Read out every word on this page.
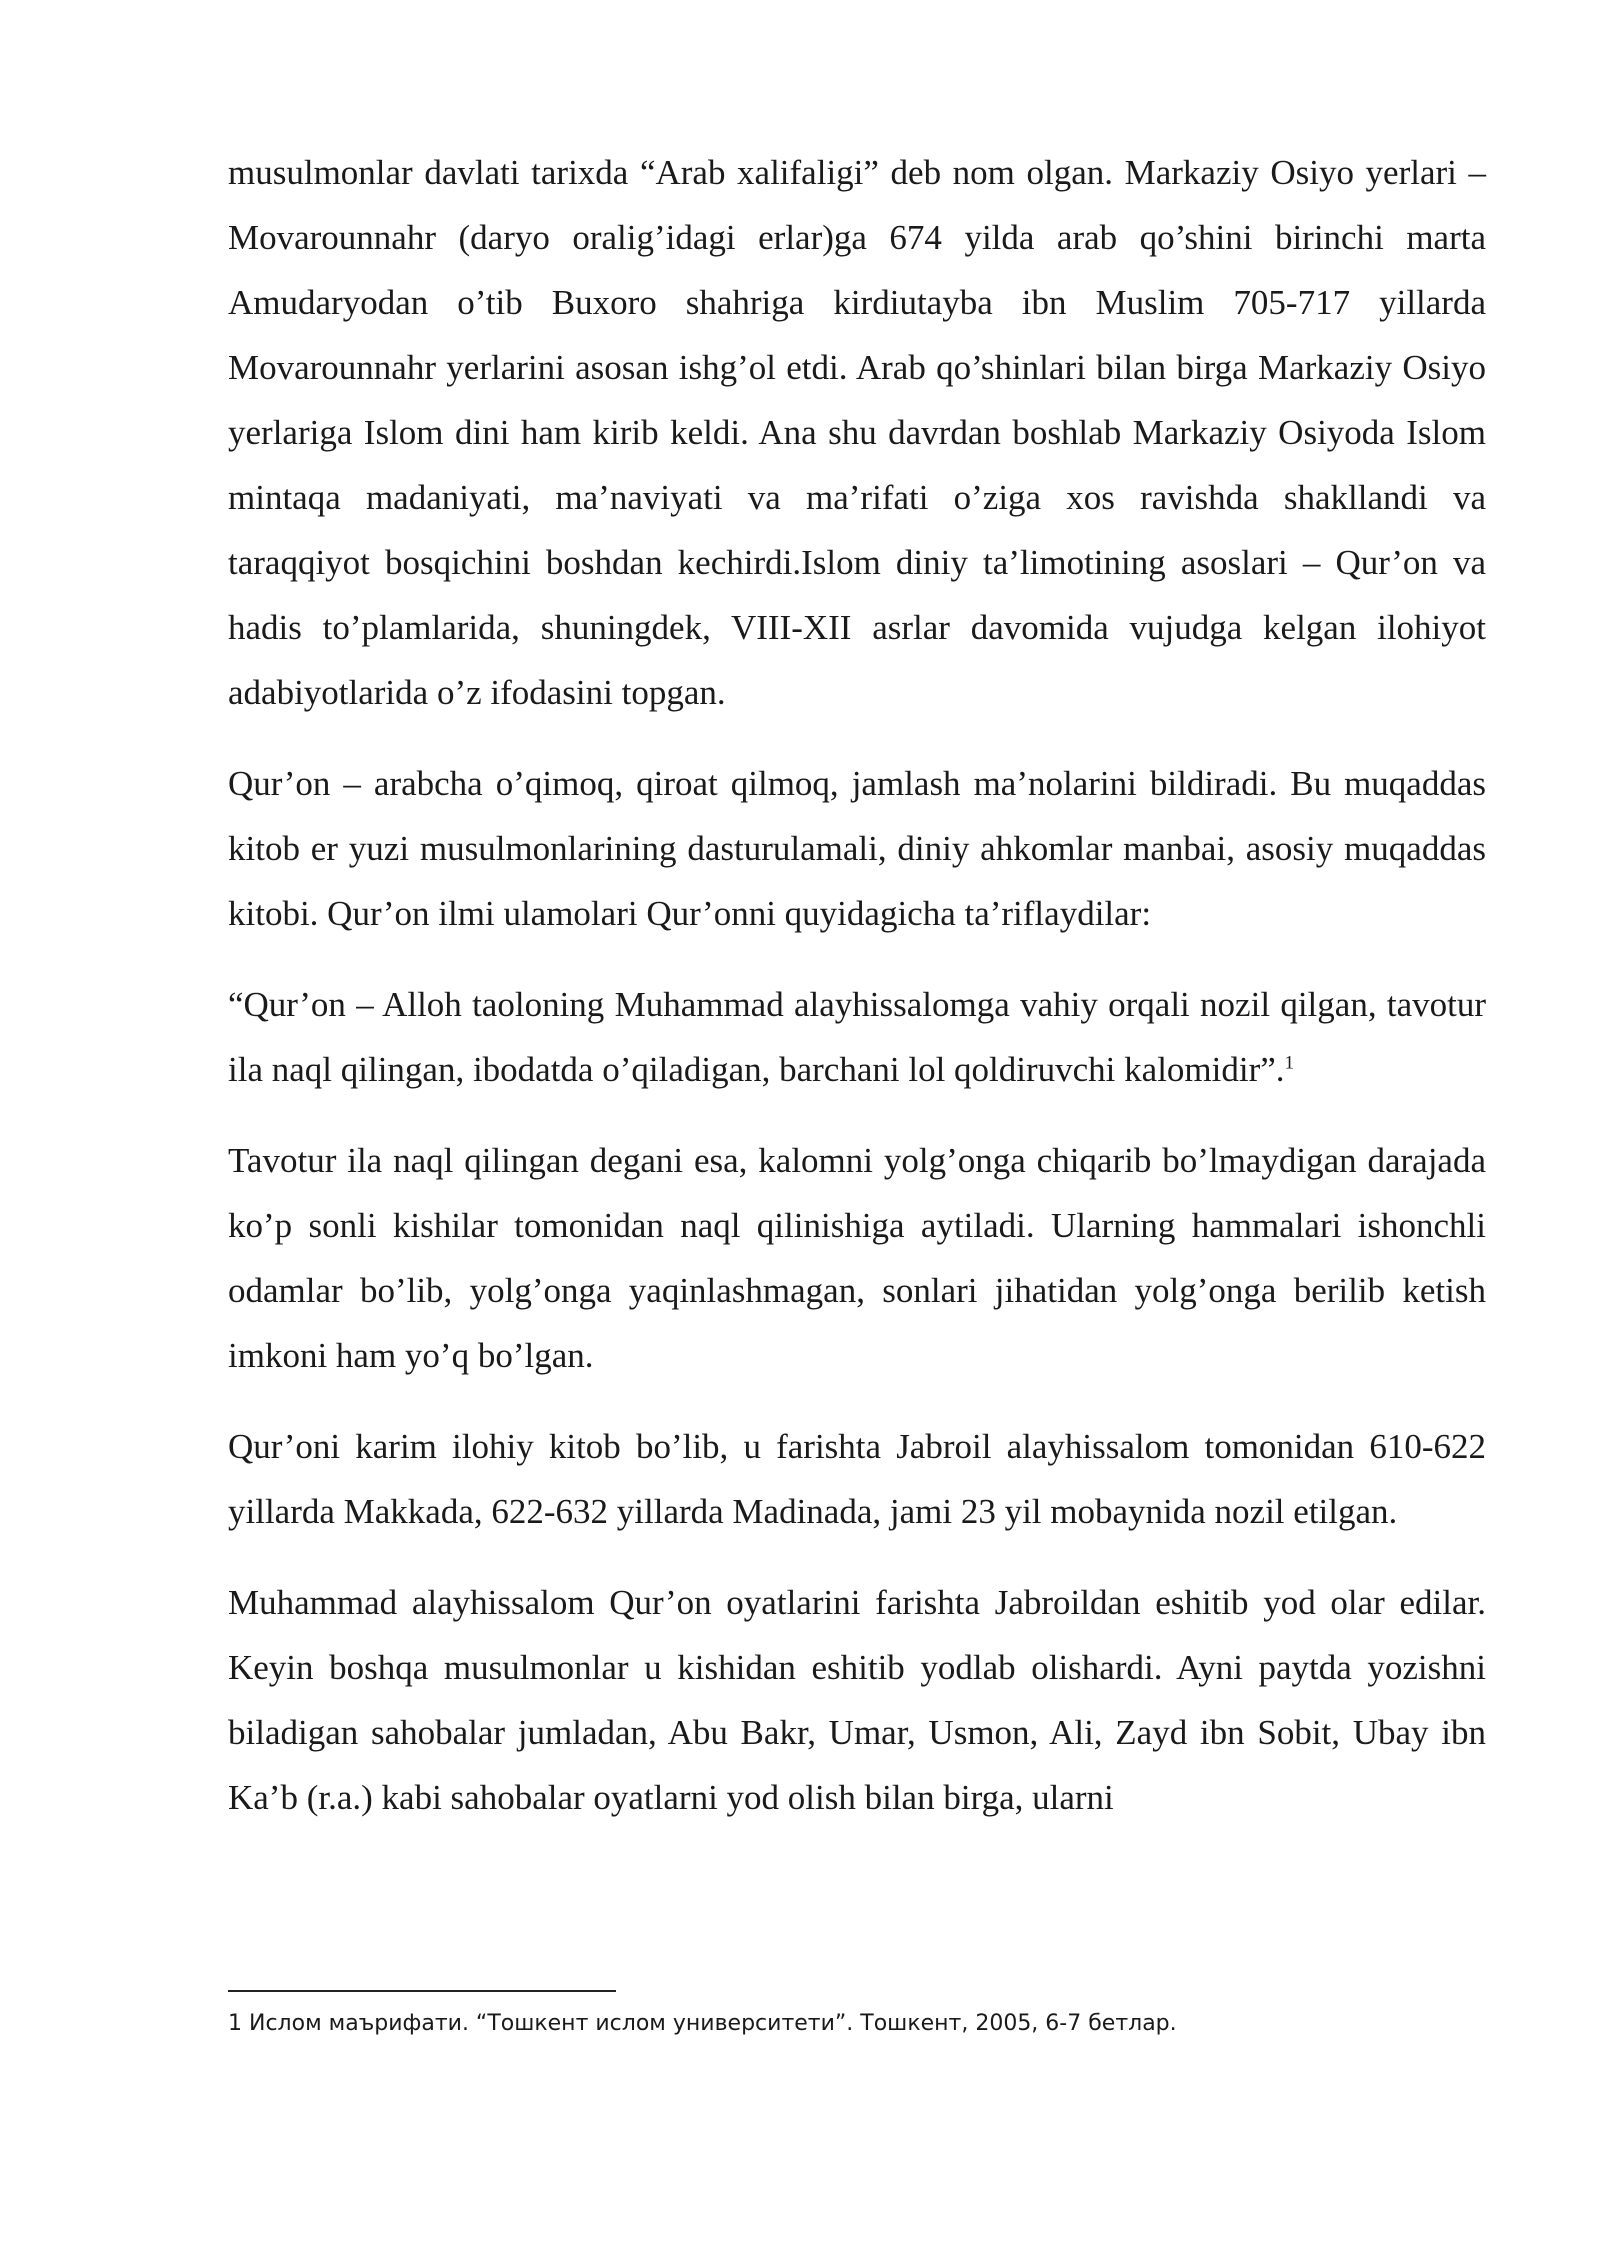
musulmonlar davlati tarixda “Arab xalifaligi” deb nom olgan. Markaziy Osiyo yerlari – Movarounnahr (daryo oralig’idagi erlar)ga 674 yilda arab qo’shini birinchi marta Amudaryodan o’tib Buxoro shahriga kirdiutayba ibn Muslim 705-717 yillarda Movarounnahr yerlarini asosan ishg’ol etdi. Arab qo’shinlari bilan birga Markaziy Osiyo yerlariga Islom dini ham kirib keldi. Ana shu davrdan boshlab Markaziy Osiyoda Islom mintaqa madaniyati, ma’naviyati va ma’rifati o’ziga xos ravishda shakllandi va taraqqiyot bosqichini boshdan kechirdi.Islom diniy ta’limotining asoslari – Qur’on va hadis to’plamlarida, shuningdek, VIII-XII asrlar davomida vujudga kelgan ilohiyot adabiyotlarida o’z ifodasini topgan.

Qur’on – arabcha o’qimoq, qiroat qilmoq, jamlash ma’nolarini bildiradi. Bu muqaddas kitob er yuzi musulmonlarining dasturulamali, diniy ahkomlar manbai, asosiy muqaddas kitobi. Qur’on ilmi ulamolari Qur’onni quyidagicha ta’riflaydilar:

“Qur’on – Alloh taoloning Muhammad alayhissalomga vahiy orqali nozil qilgan, tavotur ila naql qilingan, ibodatda o’qiladigan, barchani lol qoldiruvchi kalomidir”.$^1$

Tavotur ila naql qilingan degani esa, kalomni yolg’onga chiqarib bo’lmaydigan darajada ko’p sonli kishilar tomonidan naql qilinishiga aytiladi. Ularning hammalari ishonchli odamlar bo’lib, yolg’onga yaqinlashmagan, sonlari jihatidan yolg’onga berilib ketish imkoni ham yo’q bo’lgan.

Qur’oni karim ilohiy kitob bo’lib, u farishta Jabroil alayhissalom tomonidan 610-622 yillarda Makkada, 622-632 yillarda Madinada, jami 23 yil mobaynida nozil etilgan.

Muhammad alayhissalom Qur’on oyatlarini farishta Jabroildan eshitib yod olar edilar. Keyin boshqa musulmonlar u kishidan eshitib yodlab olishardi. Ayni paytda yozishni biladigan sahobalar jumladan, Abu Bakr, Umar, Usmon, Ali, Zayd ibn Sobit, Ubay ibn Ka’b (r.a.) kabi sahobalar oyatlarni yod olish bilan birga, ularni

1 Ислом маърифати. “Тошкент ислом университети”. Тошкент, 2005, 6-7 бетлар.
